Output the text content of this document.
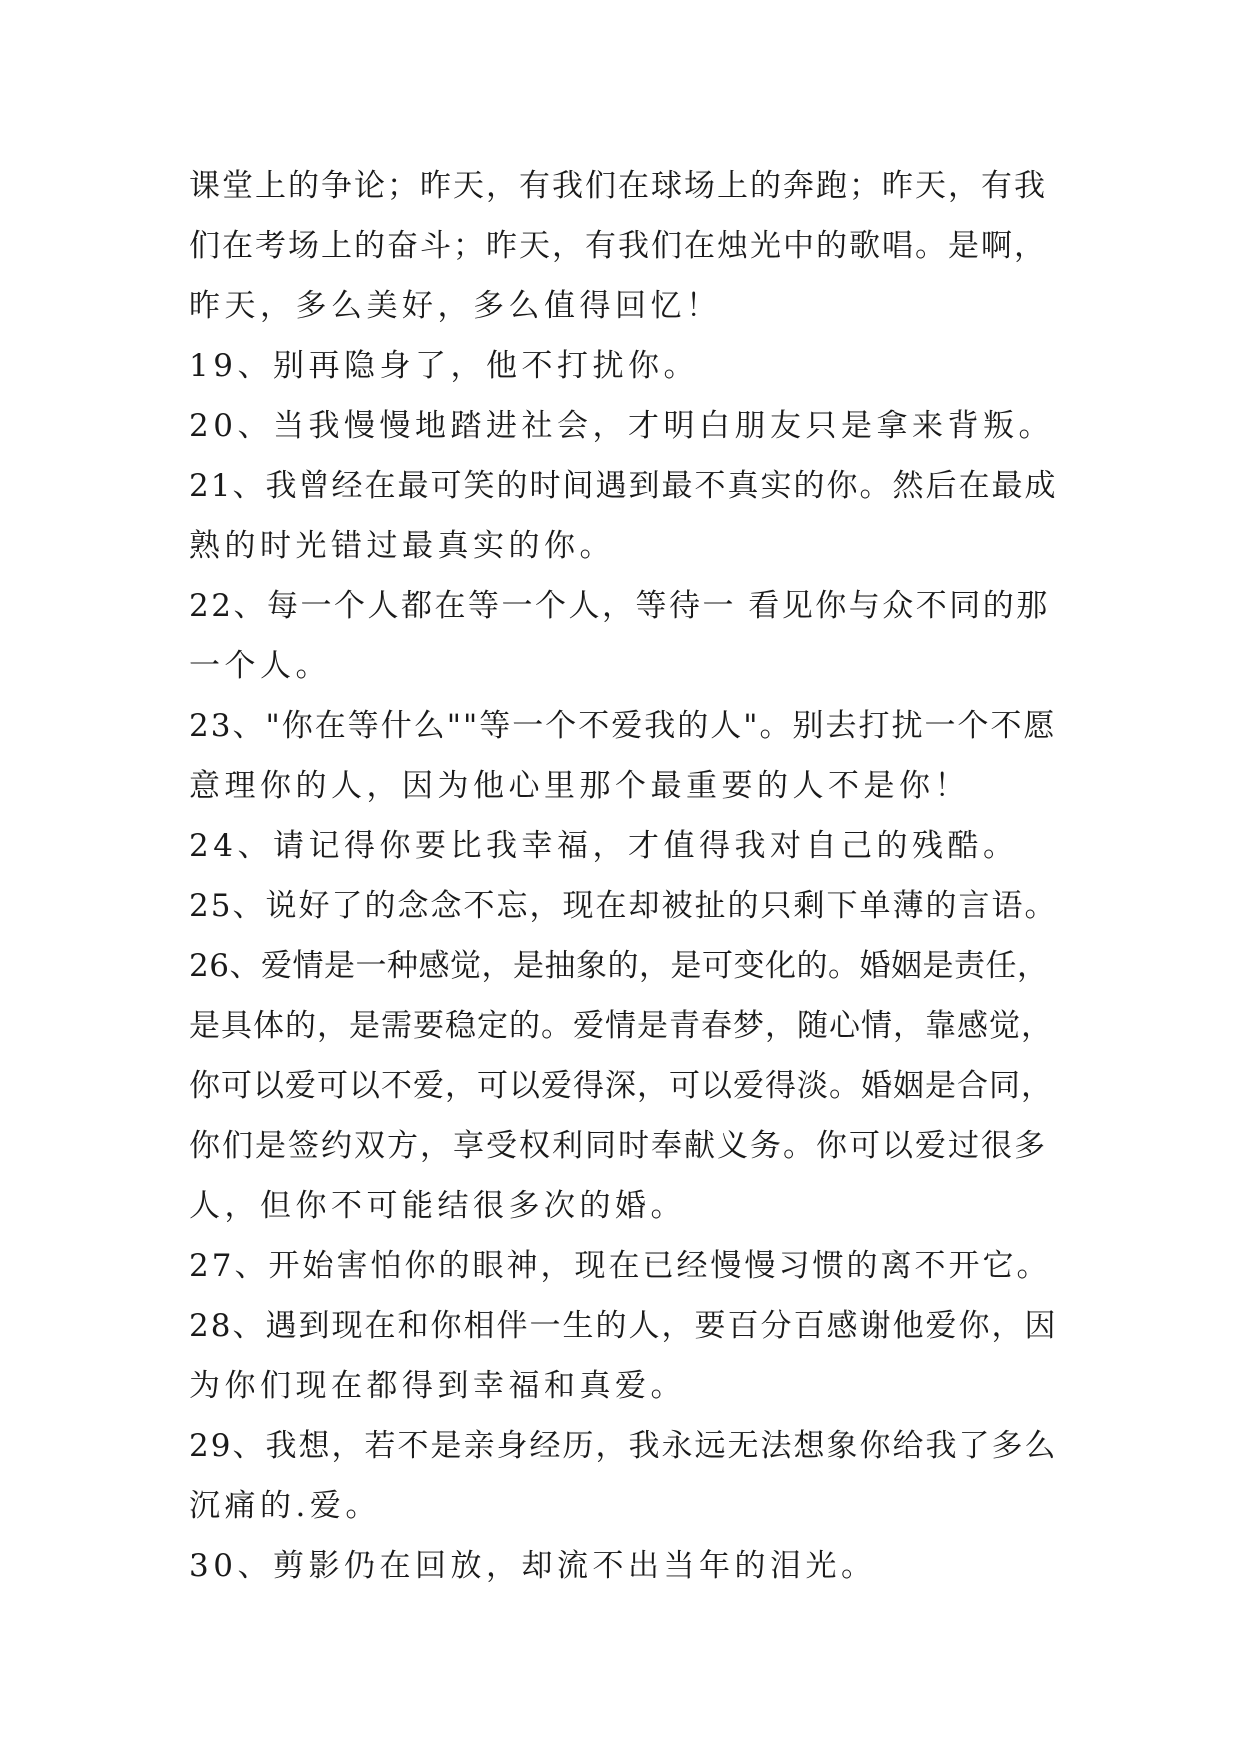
课堂上的争论；昨天，有我们在球场上的奔跑；昨天，有我
们在考场上的奋斗；昨天，有我们在烛光中的歌唱。是啊，
昨天，多么美好，多么值得回忆！
19、别再隐身了，他不打扰你。
20、当我慢慢地踏进社会，才明白朋友只是拿来背叛。
21、我曾经在最可笑的时间遇到最不真实的你。然后在最成
熟的时光错过最真实的你。
22、每一个人都在等一个人，等待一 看见你与众不同的那
一个人。
23、"你在等什么""等一个不爱我的人"。别去打扰一个不愿
意理你的人，因为他心里那个最重要的人不是你！
24、请记得你要比我幸福，才值得我对自己的残酷。
25、说好了的念念不忘，现在却被扯的只剩下单薄的言语。
26、爱情是一种感觉，是抽象的，是可变化的。婚姻是责任，
是具体的，是需要稳定的。爱情是青春梦，随心情，靠感觉，
你可以爱可以不爱，可以爱得深，可以爱得淡。婚姻是合同，
你们是签约双方，享受权利同时奉献义务。你可以爱过很多
人，但你不可能结很多次的婚。
27、开始害怕你的眼神，现在已经慢慢习惯的离不开它。
28、遇到现在和你相伴一生的人，要百分百感谢他爱你，因
为你们现在都得到幸福和真爱。
29、我想，若不是亲身经历，我永远无法想象你给我了多么
沉痛的.爱。
30、剪影仍在回放，却流不出当年的泪光。
